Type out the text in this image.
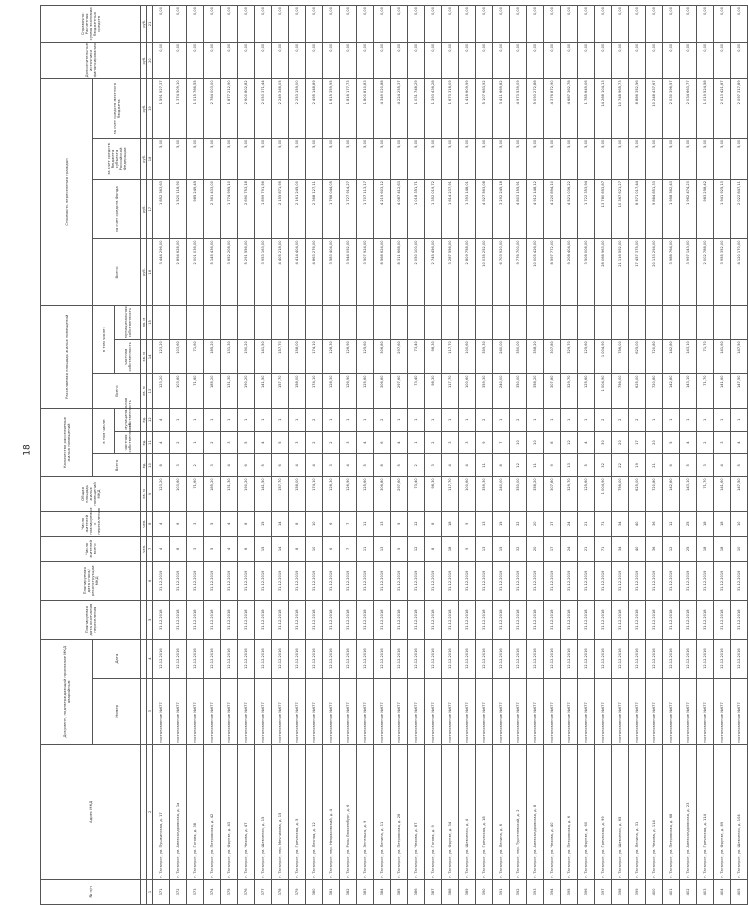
18
№ п/п	Адрес МКД	Документ, подтверждающий признание МКД аварийным		Планируемая дата окончания переселения	Планируемая дата сноса/ реконструкции МКД	Число жителей всего	Число жителей планируемых к переселению	Общая площадь жилых помещений МКД	Количество расселяемых жилых помещений			Расселяемая площадь жилых помещений			Стоимость переселения граждан				Дополнительные источники финансирования	Справочно: Расчетная сумма экономии бюджетных средств
		Номер	Дата						Всего	в том числе:		Всего	в том числе:		Всего:	за счет средств Фонда	за счет средств бюджета субъекта Российской Федерации	за счет средств местного бюджета		
										частная собственность	муниципальная собственность		частная собственность	муниципальная собственность						
						чел.	чел.	кв. м	ед.	ед.	ед.	кв. м	кв. м	кв. м	руб.	руб.	руб.	руб.	руб.	руб.
1	2	3	4	5	6	7	8	9	10	11	12	13	14	15	16	17	18	19	20	21
371	г. Таганрог, ул. Пушкинская, д. 17	постановление №677	12.12.2016	31.12.2018	31.12.2019	4	4	123,20	8	4	4	123,20	123,20		3 444 296,00	1 852 363,63	5,00	1 591 927,37	0,00	0,00
372	г. Таганрог, ул. Александровская, д. 1а	постановление №677	12.12.2016	31.12.2018	31.12.2019	8	6	103,60	3	2	1	103,60	103,60		2 894 628,00	1 520 118,90	5,00	1 374 509,10	0,00	0,00
373	г. Таганрог, ул. Гоголя, д. 38	постановление №677	12.12.2016	31.12.2018	31.12.2019	3	3	71,60	2	1	1	71,60	71,60		2 001 036,00	985 249,45	5,00	1 015 786,55	0,00	0,00
374	г. Таганрог, ул. Петровская, д. 42	постановление №677	12.12.2016	31.12.2018	31.12.2019	5	5	185,20	3	2	1	185,20	185,20		5 145 436,00	2 361 433,00	5,00	2 784 003,00	0,00	0,00
375	г. Таганрог, ул. Фрунзе, д. 43	постановление №677	12.12.2016	31.12.2018	31.12.2019	4	4	131,30	4	3	1	131,30	131,30		3 652 208,00	1 774 995,10	5,00	1 877 212,90	0,00	0,00
376	г. Таганрог, ул. Чехова, д. 47	постановление №677	12.12.2016	31.12.2018	31.12.2019	8	8	190,20	6	5	1	190,20	190,20		5 291 556,00	2 690 753,18	5,00	2 600 802,82	0,00	0,00
377	г. Таганрог, ул. Шевченко, д. 15	постановление №677	12.12.2016	31.12.2018	31.12.2019	15	15	141,50	5	4	1	141,50	141,50		3 953 163,00	1 899 791,56	5,00	2 053 371,44	0,00	0,00
378	г. Таганрог, пер. Мечникова, д. 15	постановление №677	12.12.2016	31.12.2018	31.12.2019	14	14	157,70	6	5	1	157,70	157,70		4 405 218,00	2 155 871,95	5,00	2 249 346,05	0,00	0,00
379	г. Таганрог, ул. Греческая, д. 5	постановление №677	12.12.2016	31.12.2018	31.12.2019	8	8	158,00	4	3	1	158,00	158,00		4 414 404,00	2 161 245,00	5,00	2 253 159,00	0,00	0,00
380	г. Таганрог, ул. Лесная, д. 12	постановление №677	12.12.2016	31.12.2018	31.12.2019	10	10	174,10	4	2	2	174,10	174,10		4 863 276,00	2 368 127,11	5,00	2 495 148,89	0,00	0,00
381	г. Таганрог, пер. Некрасовский, д. 4	постановление №677	12.12.2016	31.12.2018	31.12.2019	6	6	128,30	3	2	1	128,30	128,30		3 583 404,00	1 768 044,05	5,00	1 815 359,95	0,00	0,00
382	г. Таганрог, ул. Розы Люксембург, д. 6	постановление №677	12.12.2016	31.12.2018	31.12.2019	7	7	126,90	4	3	1	126,90	126,90		3 544 092,00	1 727 914,27	5,00	1 816 177,73	0,00	0,00
383	г. Таганрог, ул. Энгельса, д. 9	постановление №677	12.12.2016	31.12.2018	31.12.2019	11	11	125,60	5	4	1	125,60	125,60		3 507 924,00	1 707 113,17	5,00	1 800 810,83	0,00	0,00
384	г. Таганрог, ул. Ленина, д. 11	постановление №677	12.12.2016	31.12.2018	31.12.2019	13	13	306,80	8	6	2	306,80	306,80		8 568 624,00	4 219 603,12	5,00	4 349 020,88	0,00	0,00
385	г. Таганрог, ул. Петровская, д. 26	постановление №677	12.12.2016	31.12.2018	31.12.2019	5	5	297,60	5	4	1	297,60	297,60		8 311 668,00	4 087 412,63	5,00	4 224 255,37	0,00	0,00
386	г. Таганрог, ул. Чехова, д. 87	постановление №677	12.12.2016	31.12.2018	31.12.2019	12	12	73,40	2	1	1	73,40	73,40		2 050 100,00	1 018 351,71	5,00	1 031 748,29	0,00	0,00
387	г. Таганрог, ул. Гоголя, д. 9	постановление №677	12.12.2016	31.12.2018	31.12.2019	8	8	98,30	3	2	1	98,30	98,30		2 745 456,00	1 352 019,72	5,00	1 393 436,28	0,00	0,00
388	г. Таганрог, ул. Фрунзе, д. 34	постановление №677	12.12.2016	31.12.2018	31.12.2019	18	18	117,70	4	3	1	117,70	117,70		3 287 556,00	1 614 237,91	5,00	1 673 318,09	0,00	0,00
389	г. Таганрог, ул. Шевченко, д. 4	постановление №677	12.12.2016	31.12.2018	31.12.2019	9	9	100,60	4	3	1	100,60	100,60		2 809 758,00	1 393 148,01	5,00	1 416 609,99	0,00	0,00
390	г. Таганрог, ул. Греческая, д. 18	постановление №677	12.12.2016	31.12.2018	31.12.2019	13	13	359,30	11	9	2	359,30	359,30		10 035 252,00	4 927 563,08	5,00	5 107 683,92	0,00	0,00
391	г. Таганрог, ул. Ленина, д. 6	постановление №677	12.12.2016	31.12.2018	31.12.2019	15	15	240,00	8	7	1	240,00	240,00		6 703 920,00	3 292 245,18	5,00	3 411 669,82	0,00	0,00
392	г. Таганрог, пер. Тургеневский, д. 2	постановление №677	12.12.2016	31.12.2018	31.12.2019	32	32	350,00	12	10	2	350,00	350,00		9 776 700,00	4 803 155,91	5,00	4 973 539,09	0,00	0,00
393	г. Таганрог, ул. Александровская, д. 8	постановление №677	12.12.2016	31.12.2018	31.12.2019	20	20	358,20	11	10	1	358,20	358,20		10 005 426,00	4 912 148,12	5,00	5 093 272,88	0,00	0,00
394	г. Таганрог, ул. Чехова, д. 40	постановление №677	12.12.2016	31.12.2018	31.12.2019	17	17	307,80	9	8	1	307,80	307,80		8 597 772,00	4 220 894,10	5,00	4 376 872,90	0,00	0,00
395	г. Таганрог, ул. Петровская, д. 6	постановление №677	12.12.2016	31.12.2018	31.12.2019	24	24	329,70	13	12	1	329,70	329,70		9 208 404,00	4 521 036,22	5,00	4 687 362,78	0,00	0,00
396	г. Таганрог, ул. Фрунзе, д. 60	постановление №677	12.12.2016	31.12.2018	31.12.2019	21	21	125,60	5	4	1	125,60	125,60		3 508 008,00	1 722 353,94	5,00	1 785 649,06	0,00	0,00
397	г. Таганрог, ул. Греческая, д. 99	постановление №677	12.12.2016	31.12.2018	31.12.2019	71	71	1 004,90	32	30	2	1 004,90	1 004,90		28 068 963,00	13 780 853,87	5,00	14 288 104,13	0,00	0,00
398	г. Таганрог, ул. Шевченко, д. 65	постановление №677	12.12.2016	31.12.2018	31.12.2019	34	34	756,00	22	20	2	756,00	756,00		21 116 592,00	10 367 621,27	5,00	10 748 965,73	0,00	0,00
399	г. Таганрог, ул. Ленина, д. 31	постановление №677	12.12.2016	31.12.2018	31.12.2019	40	40	625,00	19	17	2	625,00	625,00		17 457 375,00	8 571 017,44	5,00	8 886 352,56	0,00	0,00
400	г. Таганрог, ул. Чехова, д. 114	постановление №677	12.12.2016	31.12.2018	31.12.2019	36	36	720,80	21	20	1	720,80	720,80		20 133 294,00	9 884 851,33	5,00	10 248 437,67	0,00	0,00
401	г. Таганрог, ул. Петровская, д. 68	постановление №677	12.12.2016	31.12.2018	31.12.2019	12	12	142,80	6	5	1	142,80	142,80		3 988 764,00	1 958 362,43	5,00	2 030 396,57	0,00	0,00
402	г. Таганрог, ул. Александровская, д. 23	постановление №677	12.12.2016	31.12.2018	31.12.2019	25	25	143,10	5	4	1	143,10	143,10		3 997 143,00	1 962 474,23	5,00	2 034 663,77	0,00	0,00
403	г. Таганрог, ул. Греческая, д. 114	постановление №677	12.12.2016	31.12.2018	31.12.2019	18	18	71,70	3	2	1	71,70	71,70		2 002 788,00	983 258,42	5,00	1 019 524,58	0,00	0,00
404	г. Таганрог, ул. Фрунзе, д. 89	постановление №677	12.12.2016	31.12.2018	31.12.2019	18	18	141,60	4	3	1	141,60	141,60		3 955 352,00	1 941 925,13	5,00	2 013 421,87	0,00	0,00
405	г. Таганрог, ул. Шевченко, д. 104	постановление №677	12.12.2016	31.12.2018	31.12.2019	10	10	147,50	5	4	1	147,50	147,50		4 120 170,00	2 022 847,11	5,00	2 097 317,89	0,00	0,00
